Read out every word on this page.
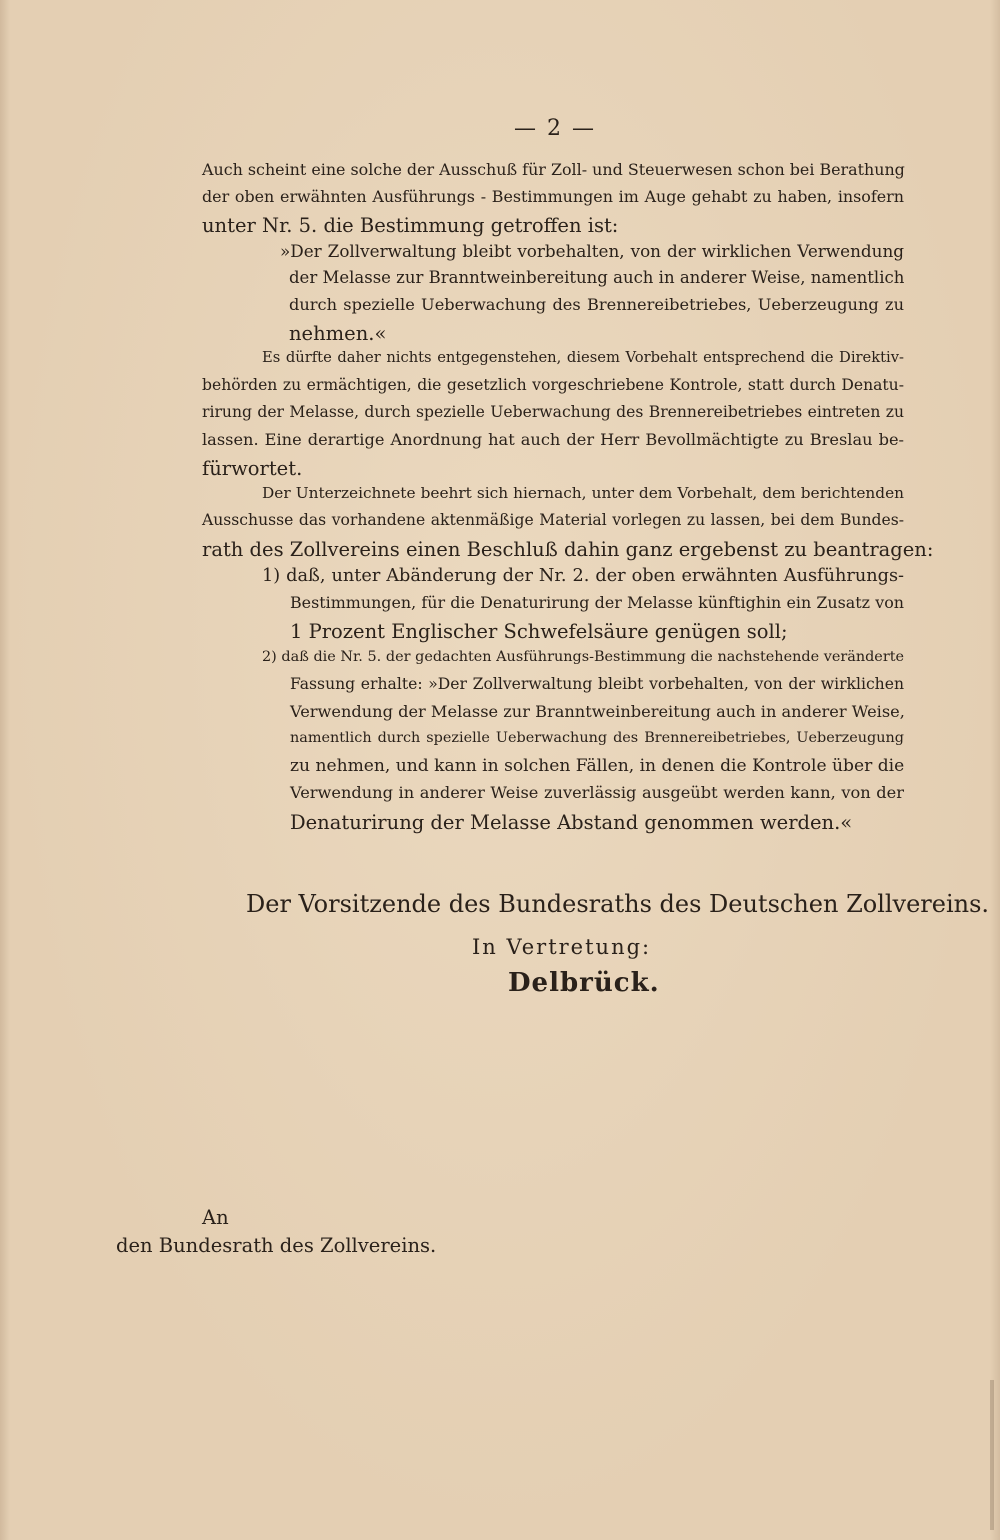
— 2 —
Auch scheint eine solche der Ausschuß für Zoll- und Steuerwesen schon bei Berathung
der oben erwähnten Ausführungs - Bestimmungen im Auge gehabt zu haben, insofern
unter Nr. 5. die Bestimmung getroffen ist:
»Der Zollverwaltung bleibt vorbehalten, von der wirklichen Verwendung
der Melasse zur Branntweinbereitung auch in anderer Weise, namentlich
durch spezielle Ueberwachung des Brennereibetriebes, Ueberzeugung zu
nehmen.«
Es dürfte daher nichts entgegenstehen, diesem Vorbehalt entsprechend die Direktiv-
behörden zu ermächtigen, die gesetzlich vorgeschriebene Kontrole, statt durch Denatu-
rirung der Melasse, durch spezielle Ueberwachung des Brennereibetriebes eintreten zu
lassen. Eine derartige Anordnung hat auch der Herr Bevollmächtigte zu Breslau be-
fürwortet.
Der Unterzeichnete beehrt sich hiernach, unter dem Vorbehalt, dem berichtenden
Ausschusse das vorhandene aktenmäßige Material vorlegen zu lassen, bei dem Bundes-
rath des Zollvereins einen Beschluß dahin ganz ergebenst zu beantragen:
1) daß, unter Abänderung der Nr. 2. der oben erwähnten Ausführungs-
Bestimmungen, für die Denaturirung der Melasse künftighin ein Zusatz von
1 Prozent Englischer Schwefelsäure genügen soll;
2) daß die Nr. 5. der gedachten Ausführungs-Bestimmung die nachstehende veränderte
Fassung erhalte: »Der Zollverwaltung bleibt vorbehalten, von der wirklichen
Verwendung der Melasse zur Branntweinbereitung auch in anderer Weise,
namentlich durch spezielle Ueberwachung des Brennereibetriebes, Ueberzeugung
zu nehmen, und kann in solchen Fällen, in denen die Kontrole über die
Verwendung in anderer Weise zuverlässig ausgeübt werden kann, von der
Denaturirung der Melasse Abstand genommen werden.«
Der Vorsitzende des Bundesraths des Deutschen Zollvereins.
In Vertretung:
Delbrück.
An
den Bundesrath des Zollvereins.
